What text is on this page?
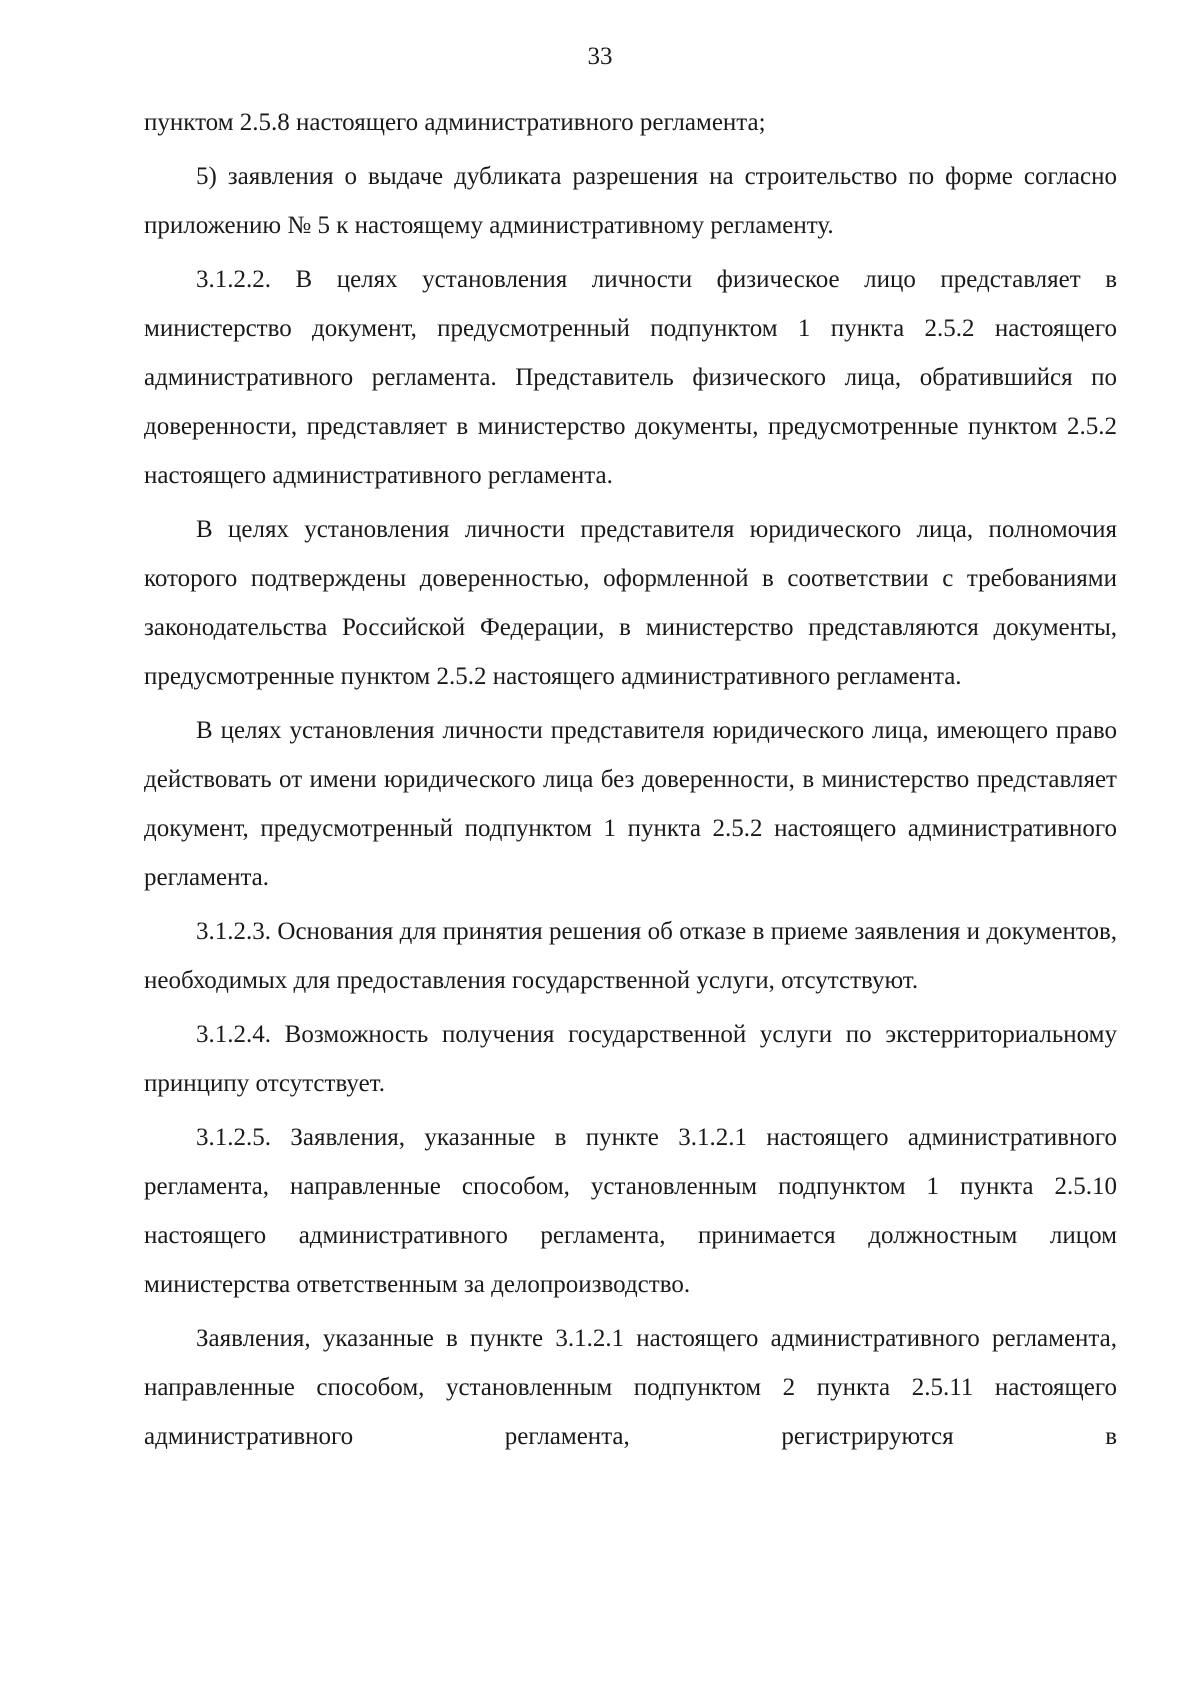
33

пунктом 2.5.8 настоящего административного регламента;

5) заявления о выдаче дубликата разрешения на строительство по форме согласно приложению № 5 к настоящему административному регламенту.

3.1.2.2. В целях установления личности физическое лицо представляет в министерство документ, предусмотренный подпунктом 1 пункта 2.5.2 настоящего административного регламента. Представитель физического лица, обратившийся по доверенности, представляет в министерство документы, предусмотренные пунктом 2.5.2 настоящего административного регламента.

В целях установления личности представителя юридического лица, полномочия которого подтверждены доверенностью, оформленной в соответствии с требованиями законодательства Российской Федерации, в министерство представляются документы, предусмотренные пунктом 2.5.2 настоящего административного регламента.

В целях установления личности представителя юридического лица, имеющего право действовать от имени юридического лица без доверенности, в министерство представляет документ, предусмотренный подпунктом 1 пункта 2.5.2 настоящего административного регламента.

3.1.2.3. Основания для принятия решения об отказе в приеме заявления и документов, необходимых для предоставления государственной услуги, отсутствуют.

3.1.2.4. Возможность получения государственной услуги по экстерриториальному принципу отсутствует.

3.1.2.5. Заявления, указанные в пункте 3.1.2.1 настоящего административного регламента, направленные способом, установленным подпунктом 1 пункта 2.5.10 настоящего административного регламента, принимается должностным лицом министерства ответственным за делопроизводство.

Заявления, указанные в пункте 3.1.2.1 настоящего административного регламента, направленные способом, установленным подпунктом 2 пункта 2.5.11 настоящего административного регламента, регистрируются в
